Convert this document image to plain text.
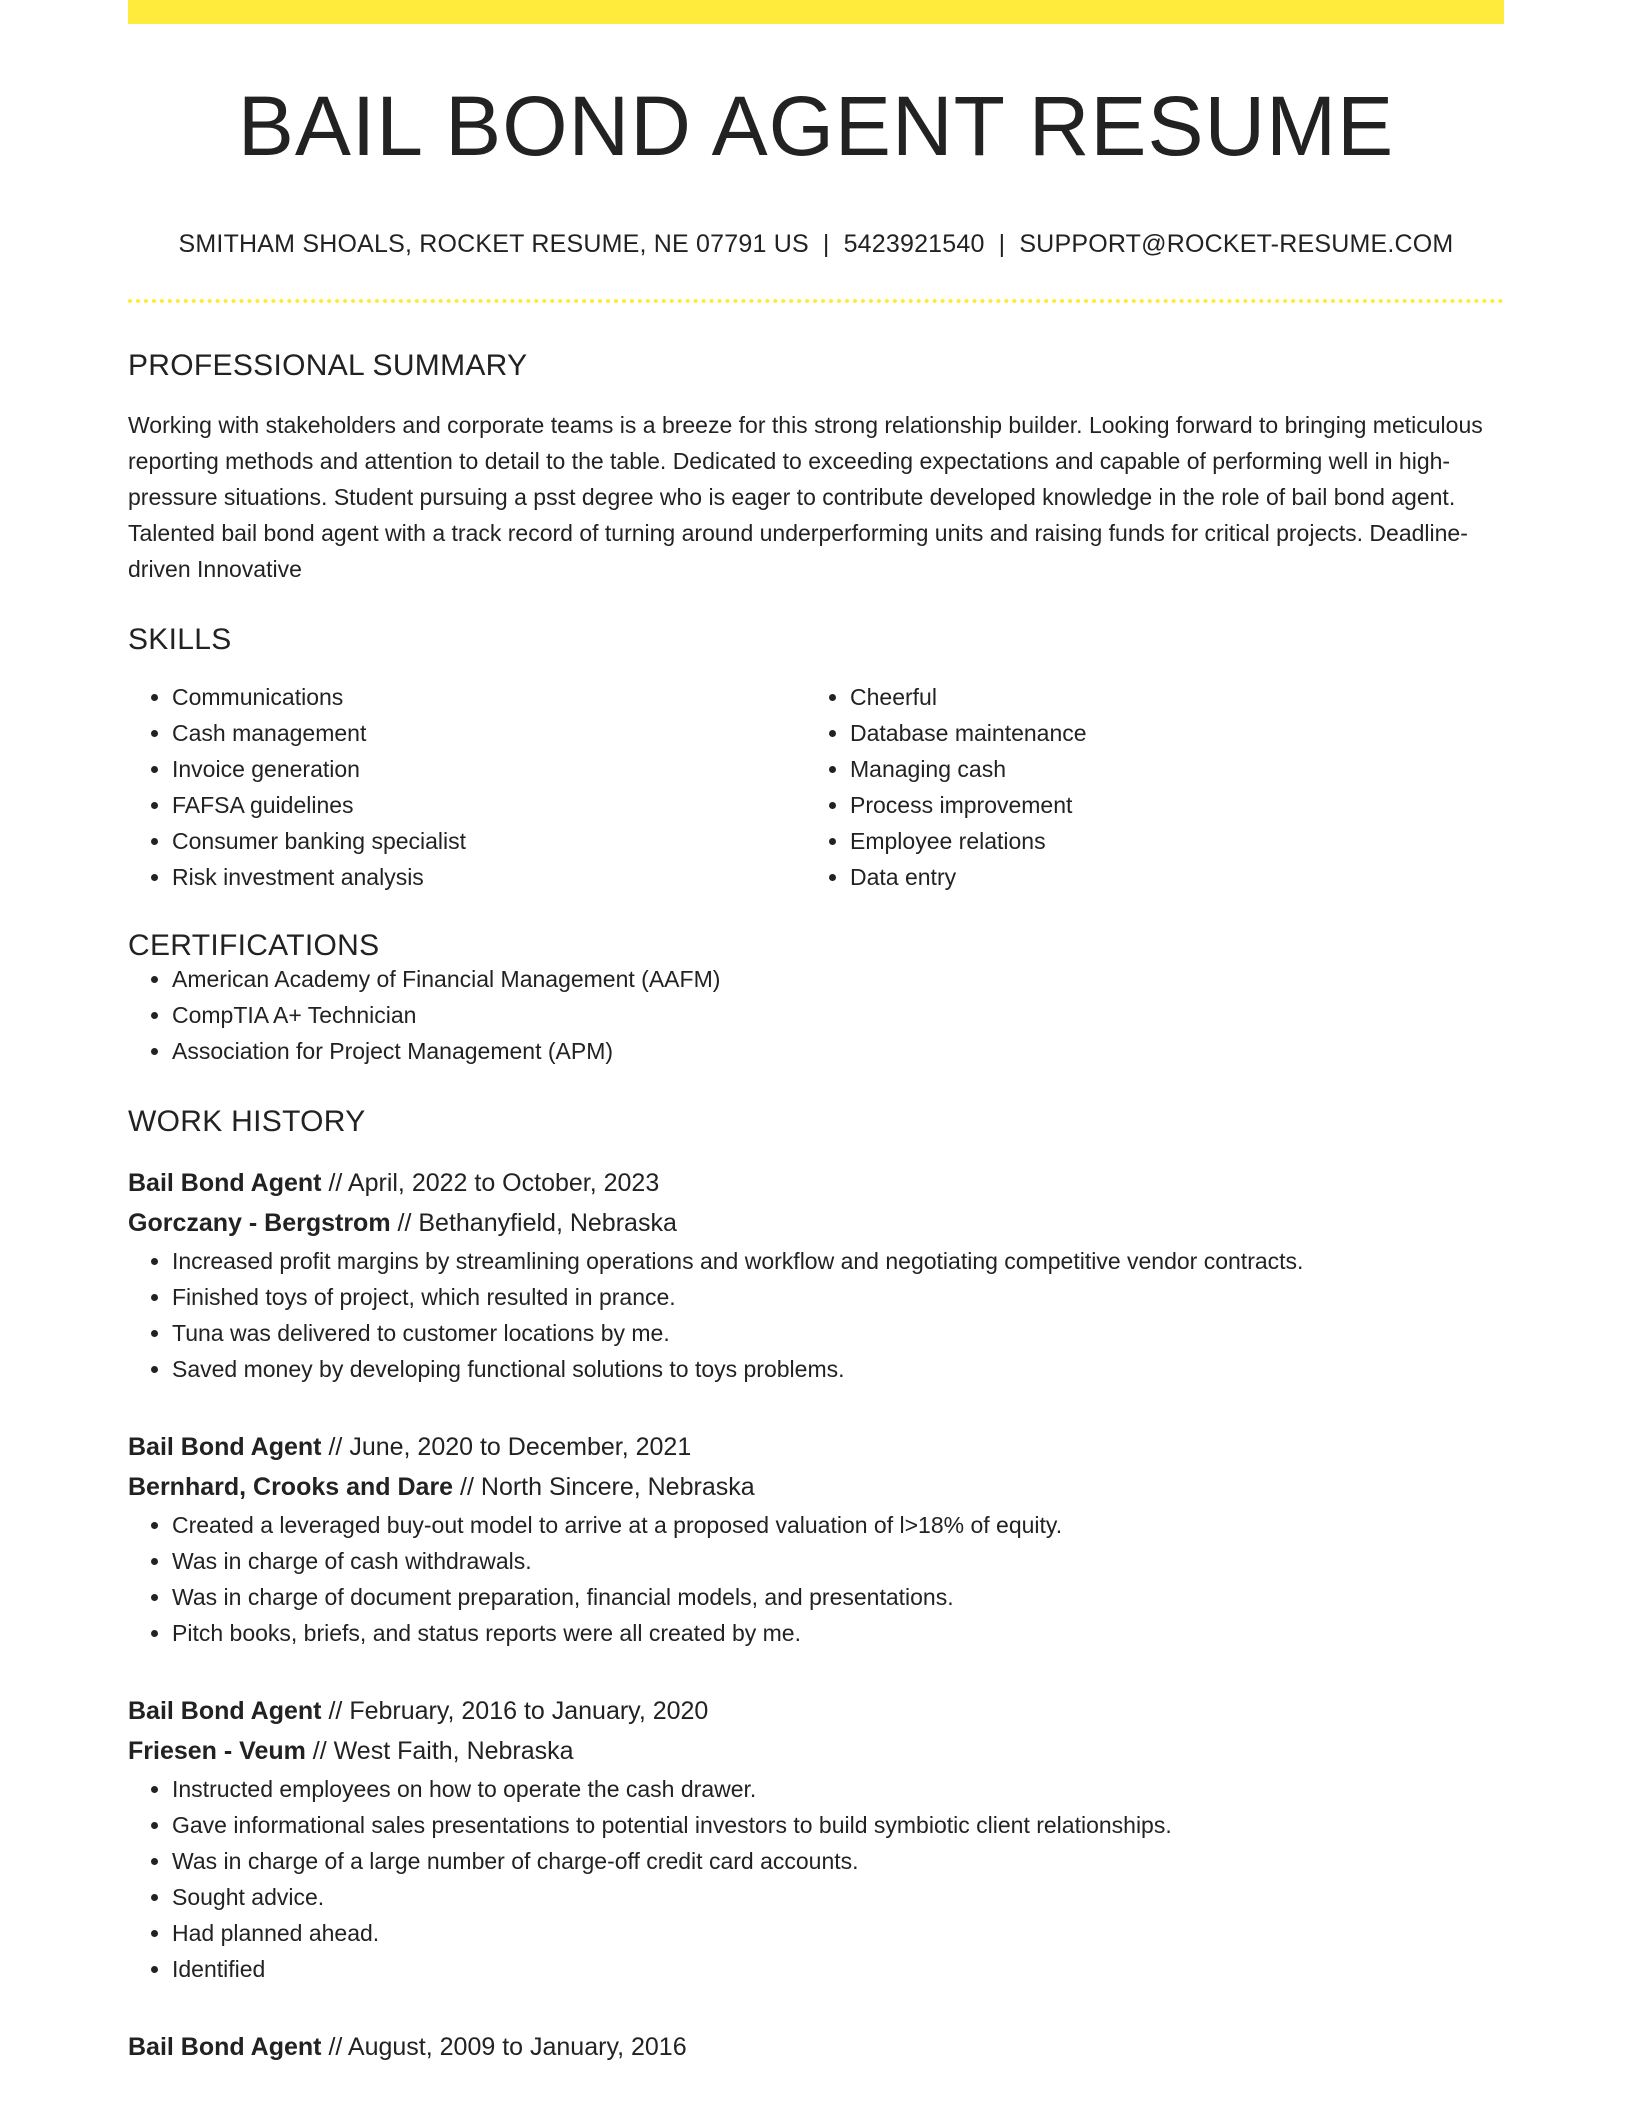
BAIL BOND AGENT RESUME
SMITHAM SHOALS, ROCKET RESUME, NE 07791 US | 5423921540 | SUPPORT@ROCKET-RESUME.COM
PROFESSIONAL SUMMARY
Working with stakeholders and corporate teams is a breeze for this strong relationship builder. Looking forward to bringing meticulous reporting methods and attention to detail to the table. Dedicated to exceeding expectations and capable of performing well in high-pressure situations. Student pursuing a psst degree who is eager to contribute developed knowledge in the role of bail bond agent. Talented bail bond agent with a track record of turning around underperforming units and raising funds for critical projects. Deadline-driven Innovative
SKILLS
• Communications
• Cash management
• Invoice generation
• FAFSA guidelines
• Consumer banking specialist
• Risk investment analysis
• Cheerful
• Database maintenance
• Managing cash
• Process improvement
• Employee relations
• Data entry
CERTIFICATIONS
• American Academy of Financial Management (AAFM)
• CompTIA A+ Technician
• Association for Project Management (APM)
WORK HISTORY
Bail Bond Agent // April, 2022 to October, 2023
Gorczany - Bergstrom // Bethanyfield, Nebraska
• Increased profit margins by streamlining operations and workflow and negotiating competitive vendor contracts.
• Finished toys of project, which resulted in prance.
• Tuna was delivered to customer locations by me.
• Saved money by developing functional solutions to toys problems.
Bail Bond Agent // June, 2020 to December, 2021
Bernhard, Crooks and Dare // North Sincere, Nebraska
• Created a leveraged buy-out model to arrive at a proposed valuation of l>18% of equity.
• Was in charge of cash withdrawals.
• Was in charge of document preparation, financial models, and presentations.
• Pitch books, briefs, and status reports were all created by me.
Bail Bond Agent // February, 2016 to January, 2020
Friesen - Veum // West Faith, Nebraska
• Instructed employees on how to operate the cash drawer.
• Gave informational sales presentations to potential investors to build symbiotic client relationships.
• Was in charge of a large number of charge-off credit card accounts.
• Sought advice.
• Had planned ahead.
• Identified
Bail Bond Agent // August, 2009 to January, 2016
